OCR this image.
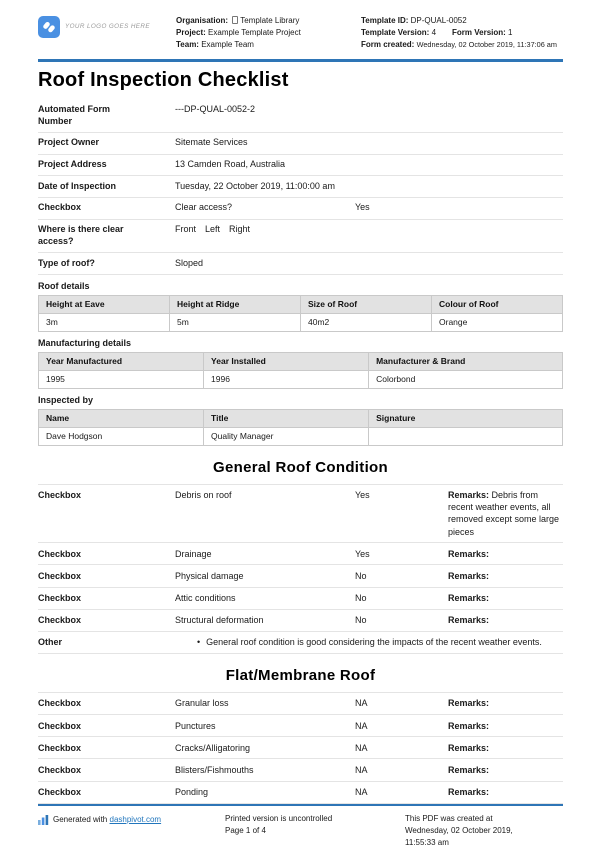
YOUR LOGO GOES HERE
Organisation: Template Library
Project: Example Template Project
Team: Example Team
Template ID: DP-QUAL-0052
Template Version: 4 Form Version: 1
Form created: Wednesday, 02 October 2019, 11:37:06 am
Roof Inspection Checklist
Automated Form Number
---DP-QUAL-0052-2
Project Owner	Sitemate Services
Project Address	13 Camden Road, Australia
Date of Inspection	Tuesday, 22 October 2019, 11:00:00 am
Checkbox	Clear access?	Yes
Where is there clear access?
Front Left Right
Type of roof?	Sloped
Roof details
Height at Eave	Height at Ridge	Size of Roof	Colour of Roof
3m	5m	40m2	Orange
Manufacturing details
Year Manufactured	Year Installed	Manufacturer & Brand
1995	1996	Colorbond
Inspected by
Name	Title	Signature
Dave Hodgson	Quality Manager	
General Roof Condition
Checkbox	Debris on roof	Yes	Remarks: Debris from recent weather events, all removed except some large pieces
Checkbox	Drainage	Yes	Remarks:
Checkbox	Physical damage	No	Remarks:
Checkbox	Attic conditions	No	Remarks:
Checkbox	Structural deformation	No	Remarks:
Other	• General roof condition is good considering the impacts of the recent weather events.
Flat/Membrane Roof
Checkbox	Granular loss	NA	Remarks:
Checkbox	Punctures	NA	Remarks:
Checkbox	Cracks/Alligatoring	NA	Remarks:
Checkbox	Blisters/Fishmouths	NA	Remarks:
Checkbox	Ponding	NA	Remarks:
Generated with dashpivot.com	Printed version is uncontrolled
Page 1 of 4
This PDF was created at Wednesday, 02 October 2019, 11:55:33 am
